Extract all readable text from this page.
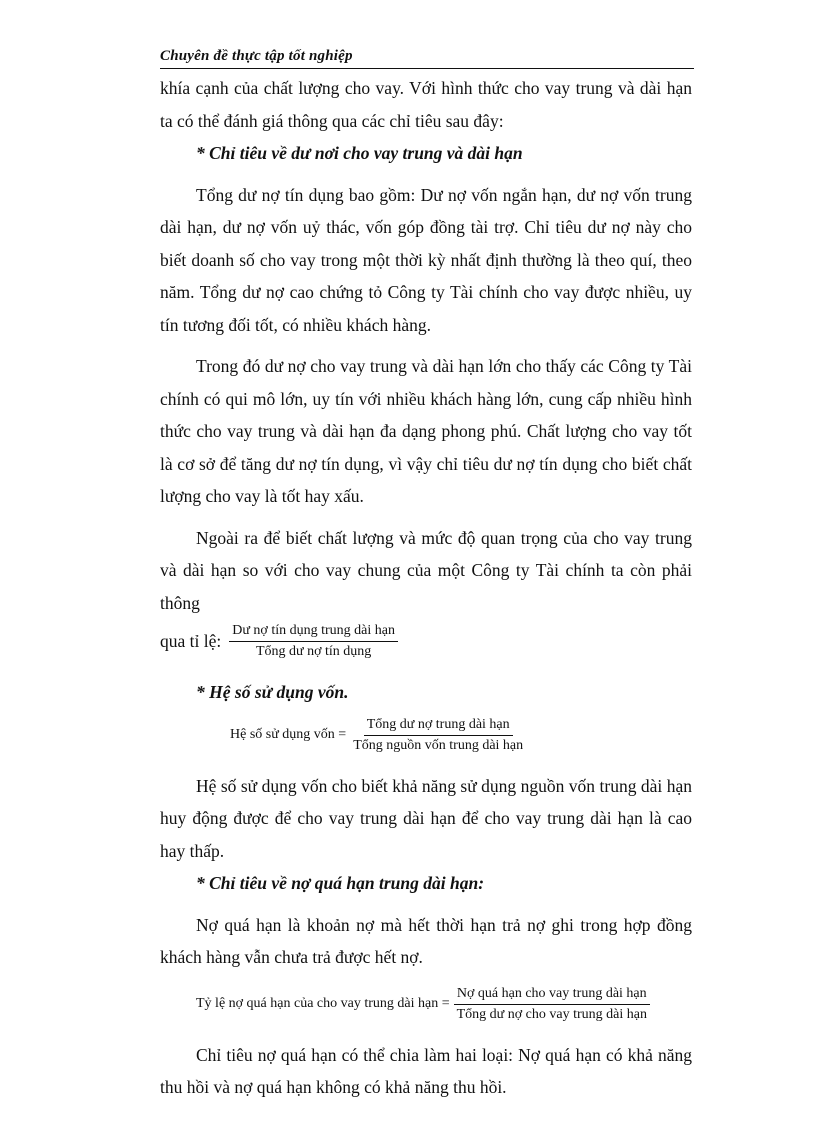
Chuyên đề thực tập tốt nghiệp

khía cạnh của chất lượng cho vay. Với hình thức cho vay trung và dài hạn ta có thể đánh giá thông qua các chỉ tiêu sau đây:

* Chỉ tiêu về dư nơi cho vay trung và dài hạn

Tổng dư nợ tín dụng bao gồm: Dư nợ vốn ngắn hạn, dư nợ vốn trung dài hạn, dư nợ vốn uỷ thác, vốn góp đồng tài trợ. Chỉ tiêu dư nợ này cho biết doanh số cho vay trong một thời kỳ nhất định thường là theo quí, theo năm. Tổng dư nợ cao chứng tỏ Công ty Tài chính cho vay được nhiều, uy tín tương đối tốt, có nhiều khách hàng.

Trong đó dư nợ cho vay trung và dài hạn lớn cho thấy các Công ty Tài chính có qui mô lớn, uy tín với nhiều khách hàng lớn, cung cấp nhiều hình thức cho vay trung và dài hạn đa dạng phong phú. Chất lượng cho vay tốt là cơ sở để tăng dư nợ tín dụng, vì vậy chỉ tiêu dư nợ tín dụng cho biết chất lượng cho vay là tốt hay xấu.

Ngoài ra để biết chất lượng và mức độ quan trọng của cho vay trung và dài hạn so với cho vay chung của một Công ty Tài chính ta còn phải thông

qua tỉ lệ: $\frac{\text{Dư nợ tín dụng trung dài hạn}}{\text{Tổng dư nợ tín dụng}}$
* Hệ số sử dụng vốn.
Hệ số sử dụng vốn = $\frac{\text{Tổng dư nợ trung dài hạn}}{\text{Tổng nguồn vốn trung dài hạn}}$

Hệ số sử dụng vốn cho biết khả năng sử dụng nguồn vốn trung dài hạn huy động được để cho vay trung dài hạn để cho vay trung dài hạn là cao hay thấp.

* Chỉ tiêu về nợ quá hạn trung dài hạn:

Nợ quá hạn là khoản nợ mà hết thời hạn trả nợ ghi trong hợp đồng khách hàng vẫn chưa trả được hết nợ.

Tỷ lệ nợ quá hạn của cho vay trung dài hạn = $\frac{\text{Nợ quá hạn cho vay trung dài hạn}}{\text{Tổng dư nợ cho vay trung dài hạn}}$

Chỉ tiêu nợ quá hạn có thể chia làm hai loại: Nợ quá hạn có khả năng thu hồi và nợ quá hạn không có khả năng thu hồi.
